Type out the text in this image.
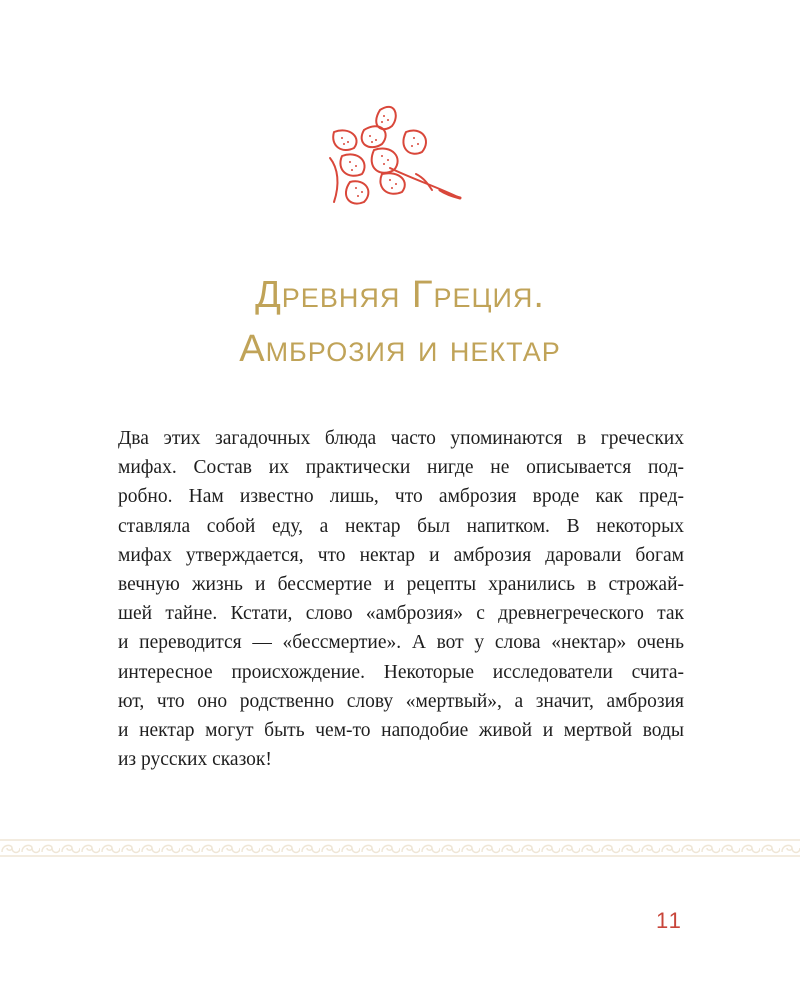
Древняя Греция.
Амброзия и нектар
Два этих загадочных блюда часто упоминаются в греческих
мифах. Состав их практически нигде не описывается под-
робно. Нам известно лишь, что амброзия вроде как пред-
ставляла собой еду, а нектар был напитком. В некоторых
мифах утверждается, что нектар и амброзия даровали богам
вечную жизнь и бессмертие и рецепты хранились в строжай-
шей тайне. Кстати, слово «амброзия» с древнегреческого так
и переводится — «бессмертие». А вот у слова «нектар» очень
интересное происхождение. Некоторые исследователи счита-
ют, что оно родственно слову «мертвый», а значит, амброзия
и нектар могут быть чем-то наподобие живой и мертвой воды
из русских сказок!
11
